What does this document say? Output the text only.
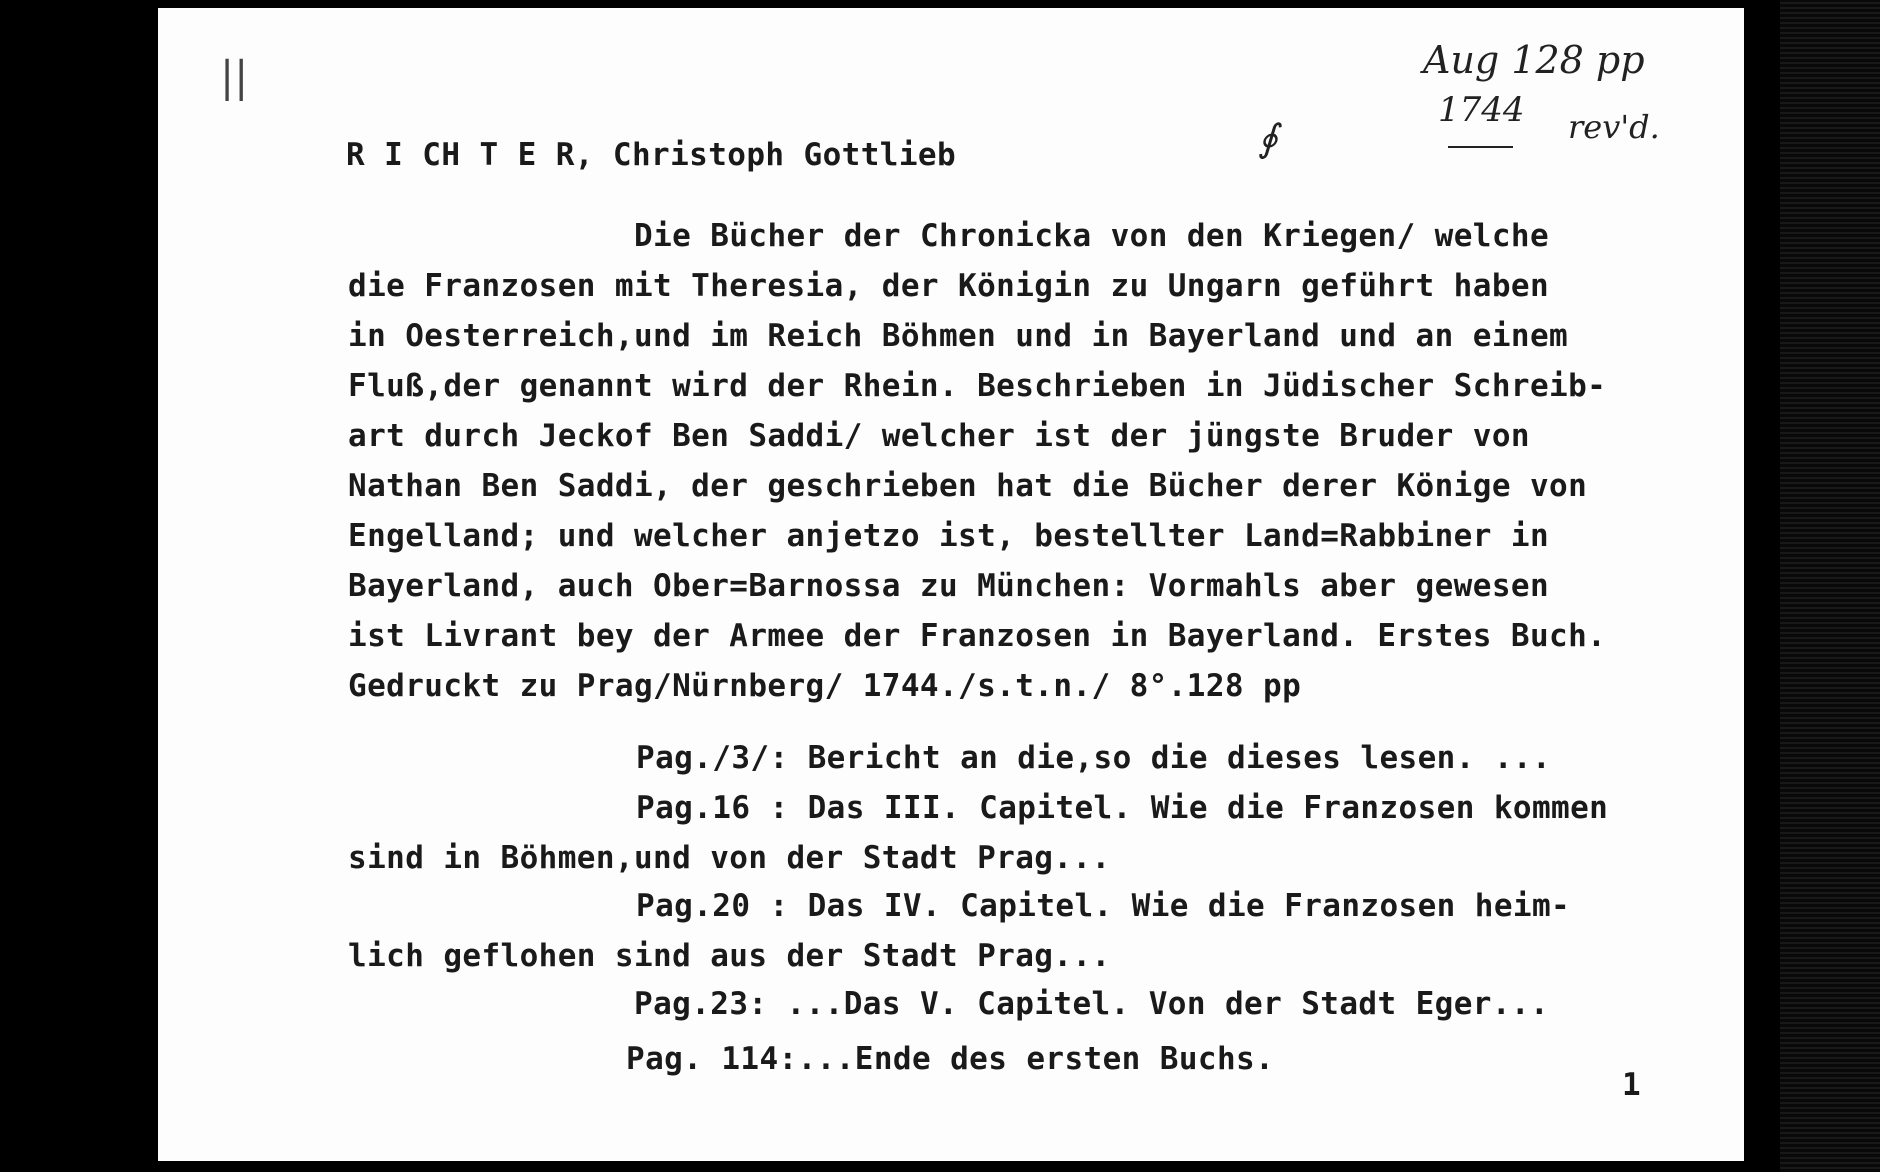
||	Aug 128 pp
1744 rev'd.
∮
R I CH T E R, Christoph Gottlieb
Die Bücher der Chronicka von den Kriegen/ welche
die Franzosen mit Theresia, der Königin zu Ungarn geführt haben
in Oesterreich,und im Reich Böhmen und in Bayerland und an einem
Fluß,der genannt wird der Rhein. Beschrieben in Jüdischer Schreib-
art durch Jeckof Ben Saddi/ welcher ist der jüngste Bruder von
Nathan Ben Saddi, der geschrieben hat die Bücher derer Könige von
Engelland; und welcher anjetzo ist, bestellter Land=Rabbiner in
Bayerland, auch Ober=Barnossa zu München: Vormahls aber gewesen
ist Livrant bey der Armee der Franzosen in Bayerland. Erstes Buch.
Gedruckt zu Prag/Nürnberg/ 1744./s.t.n./ 8°.128 pp
Pag./3/: Bericht an die,so die dieses lesen. ...
Pag.16 : Das III. Capitel. Wie die Franzosen kommen
sind in Böhmen,und von der Stadt Prag...
Pag.20 : Das IV. Capitel. Wie die Franzosen heim-
lich geflohen sind aus der Stadt Prag...
Pag.23: ...Das V. Capitel. Von der Stadt Eger...
Pag. 114:...Ende des ersten Buchs.
1
